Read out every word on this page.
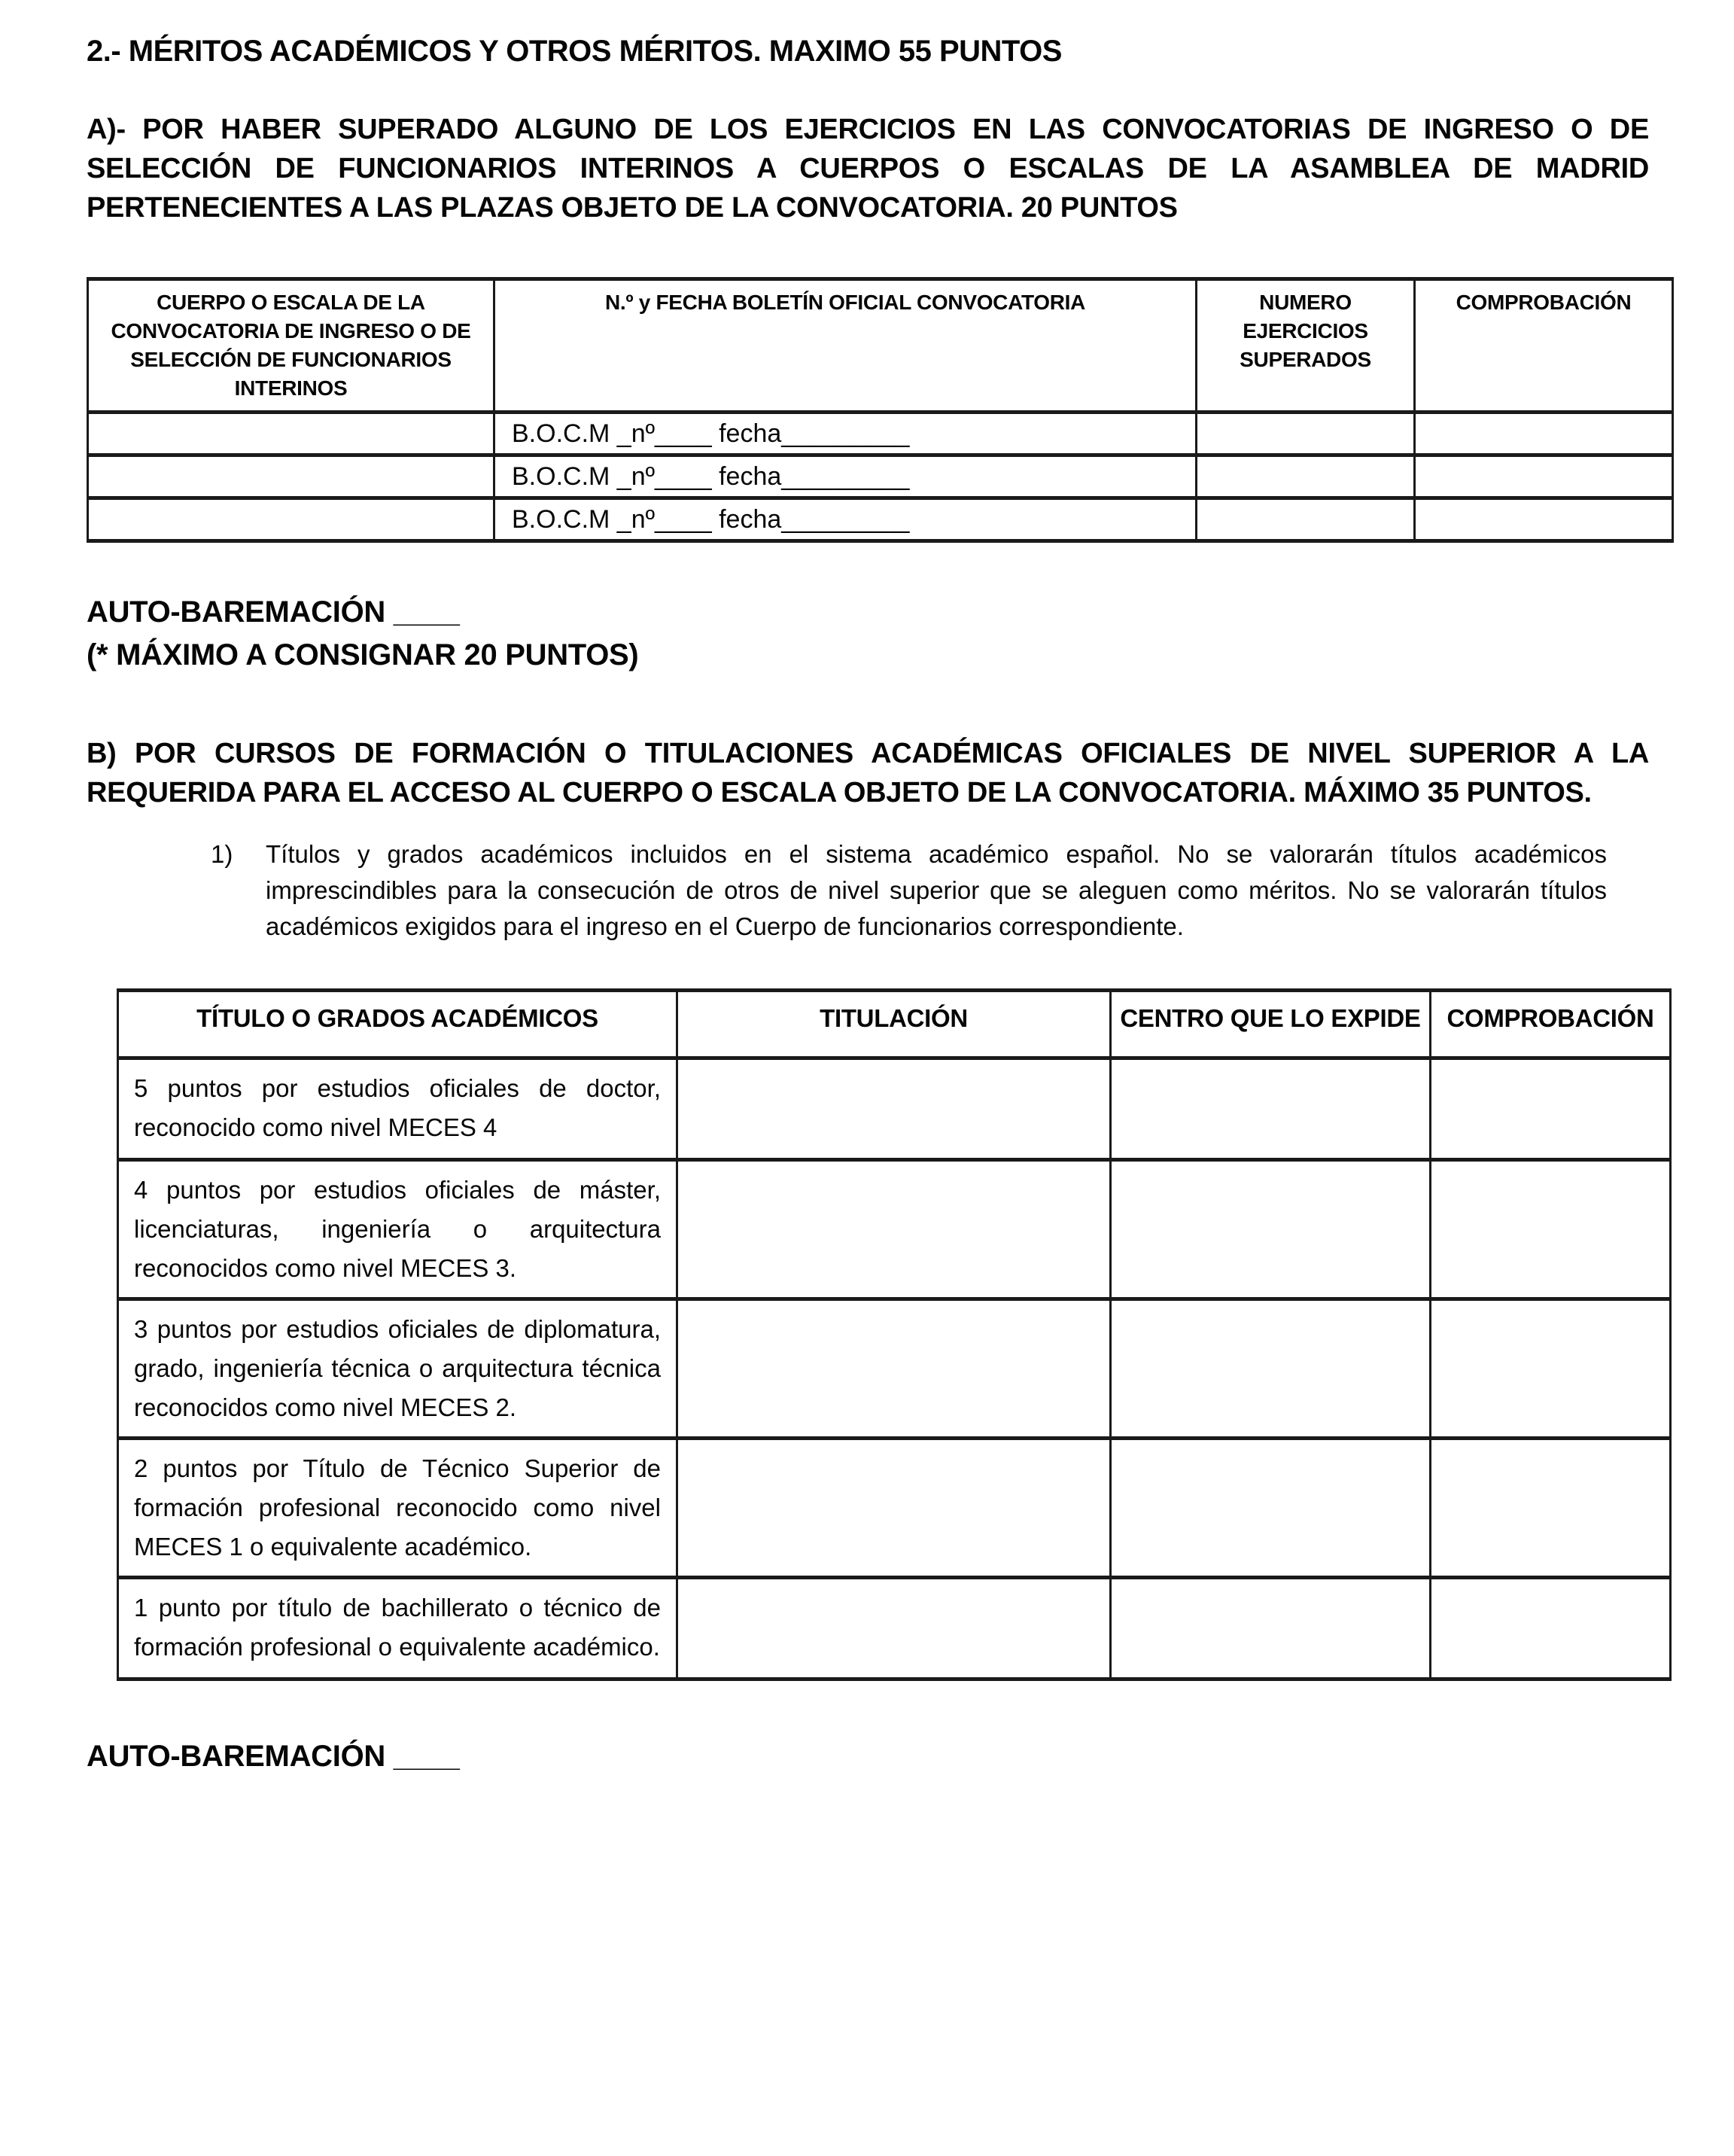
2.- MÉRITOS ACADÉMICOS Y OTROS MÉRITOS. MAXIMO 55 PUNTOS

A)- POR HABER SUPERADO ALGUNO DE LOS EJERCICIOS EN LAS CONVOCATORIAS DE INGRESO O DE SELECCIÓN DE FUNCIONARIOS INTERINOS A CUERPOS O ESCALAS DE LA ASAMBLEA DE MADRID PERTENECIENTES A LAS PLAZAS OBJETO DE LA CONVOCATORIA. 20 PUNTOS

CUERPO O ESCALA DE LA CONVOCATORIA DE INGRESO O DE SELECCIÓN DE FUNCIONARIOS INTERINOS	N.º y FECHA BOLETÍN OFICIAL CONVOCATORIA	NUMERO EJERCICIOS SUPERADOS	COMPROBACIÓN
	B.O.C.M _nº____ fecha_________		
	B.O.C.M _nº____ fecha_________		
	B.O.C.M _nº____ fecha_________		
AUTO-BAREMACIÓN ____
(* MÁXIMO A CONSIGNAR 20 PUNTOS)

B) POR CURSOS DE FORMACIÓN O TITULACIONES ACADÉMICAS OFICIALES DE NIVEL SUPERIOR A LA REQUERIDA PARA EL ACCESO AL CUERPO O ESCALA OBJETO DE LA CONVOCATORIA. MÁXIMO 35 PUNTOS.

1)	Títulos y grados académicos incluidos en el sistema académico español. No se valorarán títulos académicos imprescindibles para la consecución de otros de nivel superior que se aleguen como méritos. No se valorarán títulos académicos exigidos para el ingreso en el Cuerpo de funcionarios correspondiente.
TÍTULO O GRADOS ACADÉMICOS	TITULACIÓN	CENTRO QUE LO EXPIDE	COMPROBACIÓN
5 puntos por estudios oficiales de doctor, reconocido como nivel MECES 4			
4 puntos por estudios oficiales de máster, licenciaturas, ingeniería o arquitectura reconocidos como nivel MECES 3.			
3 puntos por estudios oficiales de diplomatura, grado, ingeniería técnica o arquitectura técnica reconocidos como nivel MECES 2.			
2 puntos por Título de Técnico Superior de formación profesional reconocido como nivel MECES 1 o equivalente académico.			
1 punto por título de bachillerato o técnico de formación profesional o equivalente académico.			
AUTO-BAREMACIÓN ____
